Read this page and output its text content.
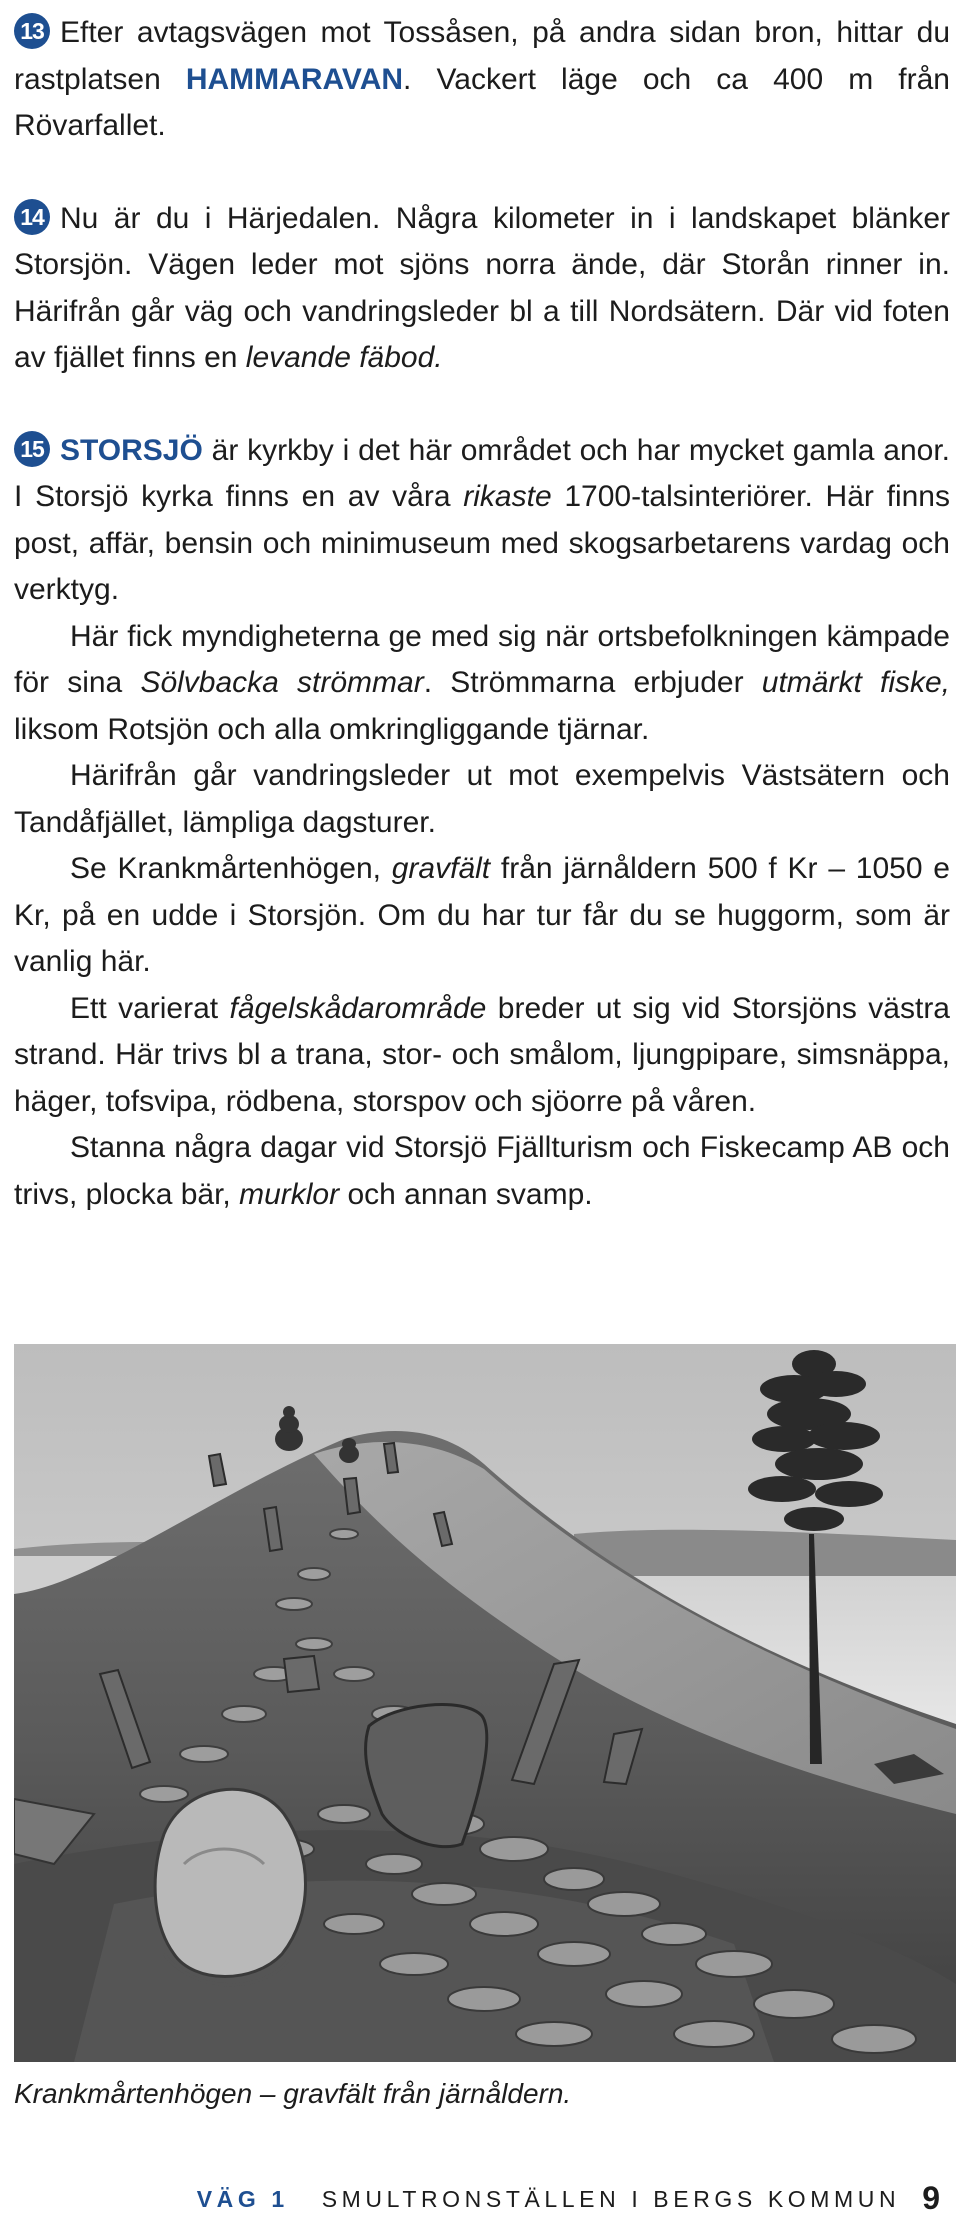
13 Efter avtagsvägen mot Tossåsen, på andra sidan bron, hittar du rastplatsen HAMMARAVAN. Vackert läge och ca 400 m från Rövarfallet.

14 Nu är du i Härjedalen. Några kilometer in i landskapet blänker Storsjön. Vägen leder mot sjöns norra ände, där Storån rinner in. Härifrån går väg och vandringsleder bl a till Nordsätern. Där vid foten av fjället finns en levande fäbod.

15 STORSJÖ är kyrkby i det här området och har mycket gamla anor. I Storsjö kyrka finns en av våra rikaste 1700-talsinteriörer. Här finns post, affär, bensin och minimuseum med skogsarbetarens vardag och verktyg.

Här fick myndigheterna ge med sig när ortsbefolkningen kämpade för sina Sölvbacka strömmar. Strömmarna erbjuder utmärkt fiske, liksom Rotsjön och alla omkringliggande tjärnar.

Härifrån går vandringsleder ut mot exempelvis Västsätern och Tandåfjället, lämpliga dagsturer.

Se Krankmårtenhögen, gravfält från järnåldern 500 f Kr – 1050 e Kr, på en udde i Storsjön. Om du har tur får du se huggorm, som är vanlig här.

Ett varierat fågelskådarområde breder ut sig vid Storsjöns västra strand. Här trivs bl a trana, stor- och smålom, ljungpipare, simsnäppa, häger, tofsvipa, rödbena, storspov och sjöorre på våren.

Stanna några dagar vid Storsjö Fjällturism och Fiskecamp AB och trivs, plocka bär, murklor och annan svamp.

Krankmårtenhögen – gravfält från järnåldern.
VÄG 1 SMULTRONSTÄLLEN I BERGS KOMMUN 9
